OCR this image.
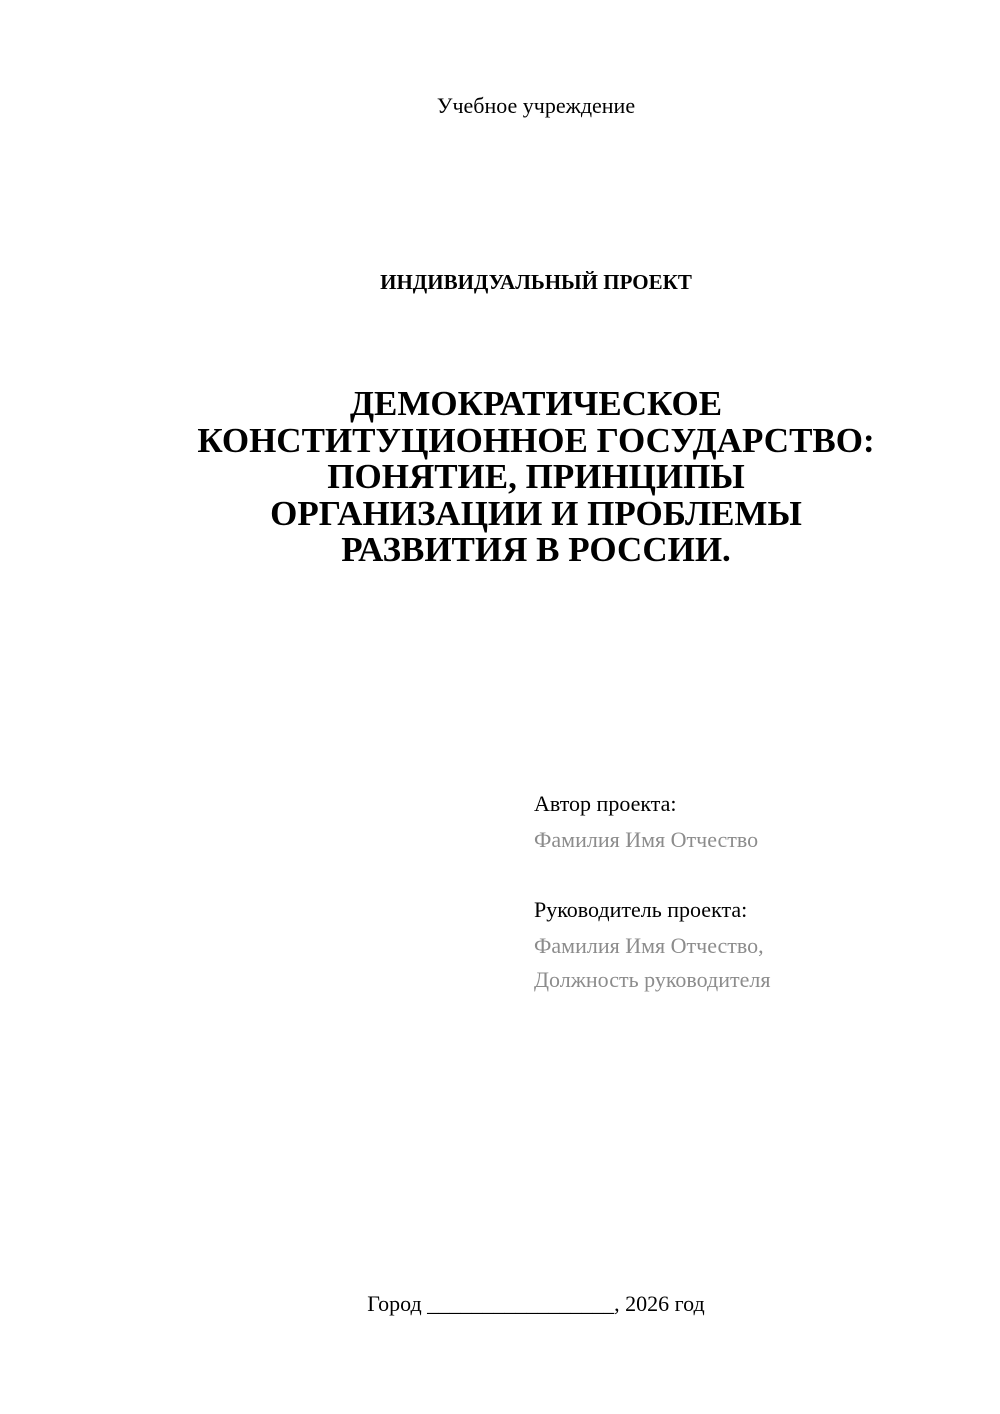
Учебное учреждение
ИНДИВИДУАЛЬНЫЙ ПРОЕКТ
ДЕМОКРАТИЧЕСКОЕ
КОНСТИТУЦИОННОЕ ГОСУДАРСТВО:
ПОНЯТИЕ, ПРИНЦИПЫ
ОРГАНИЗАЦИИ И ПРОБЛЕМЫ
РАЗВИТИЯ В РОССИИ.
Автор проекта:
Фамилия Имя Отчество
Руководитель проекта:
Фамилия Имя Отчество,
Должность руководителя
Город _________________, 2026 год
